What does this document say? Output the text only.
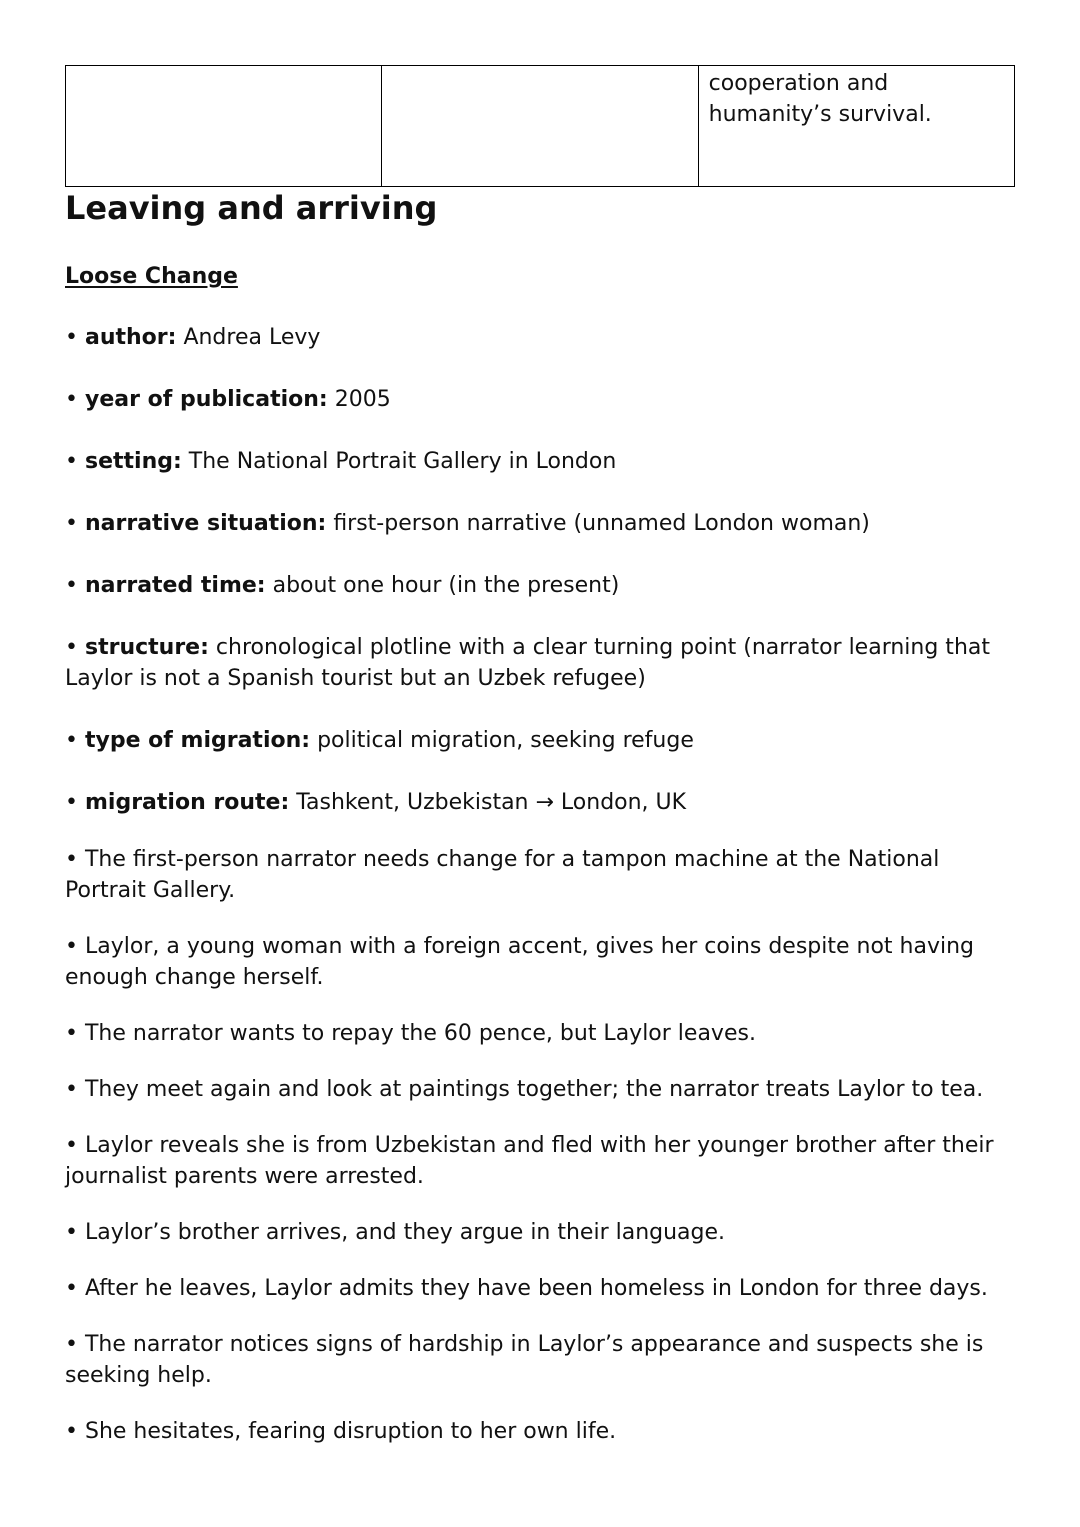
		cooperation and humanity’s survival.
Leaving and arriving
Loose Change
• author: Andrea Levy
• year of publication: 2005
• setting: The National Portrait Gallery in London
• narrative situation: first-person narrative (unnamed London woman)
• narrated time: about one hour (in the present)
• structure: chronological plotline with a clear turning point (narrator learning that Laylor is not a Spanish tourist but an Uzbek refugee)
• type of migration: political migration, seeking refuge
• migration route: Tashkent, Uzbekistan → London, UK
• The first-person narrator needs change for a tampon machine at the National Portrait Gallery.
• Laylor, a young woman with a foreign accent, gives her coins despite not having enough change herself.
• The narrator wants to repay the 60 pence, but Laylor leaves.
• They meet again and look at paintings together; the narrator treats Laylor to tea.
• Laylor reveals she is from Uzbekistan and fled with her younger brother after their journalist parents were arrested.
• Laylor’s brother arrives, and they argue in their language.
• After he leaves, Laylor admits they have been homeless in London for three days.
• The narrator notices signs of hardship in Laylor’s appearance and suspects she is seeking help.
• She hesitates, fearing disruption to her own life.
